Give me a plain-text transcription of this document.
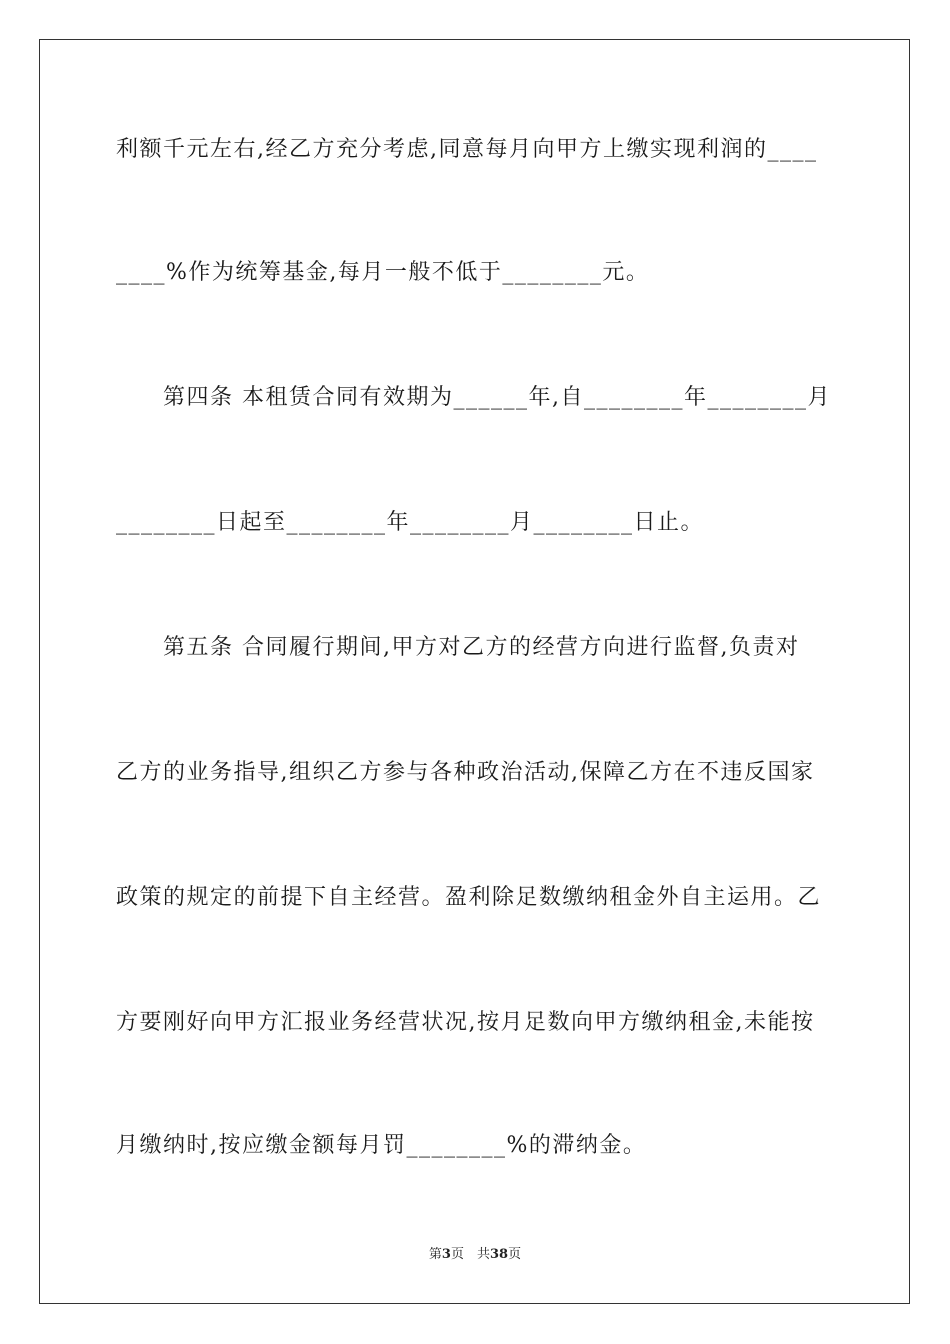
利额千元左右,经乙方充分考虑,同意每月向甲方上缴实现利润的____
____%作为统筹基金,每月一般不低于________元。
　　第四条 本租赁合同有效期为______年,自________年________月
________日起至________年________月________日止。
　　第五条 合同履行期间,甲方对乙方的经营方向进行监督,负责对
乙方的业务指导,组织乙方参与各种政治活动,保障乙方在不违反国家
政策的规定的前提下自主经营。盈利除足数缴纳租金外自主运用。乙
方要刚好向甲方汇报业务经营状况,按月足数向甲方缴纳租金,未能按
月缴纳时,按应缴金额每月罚________%的滞纳金。
第3页　共38页
